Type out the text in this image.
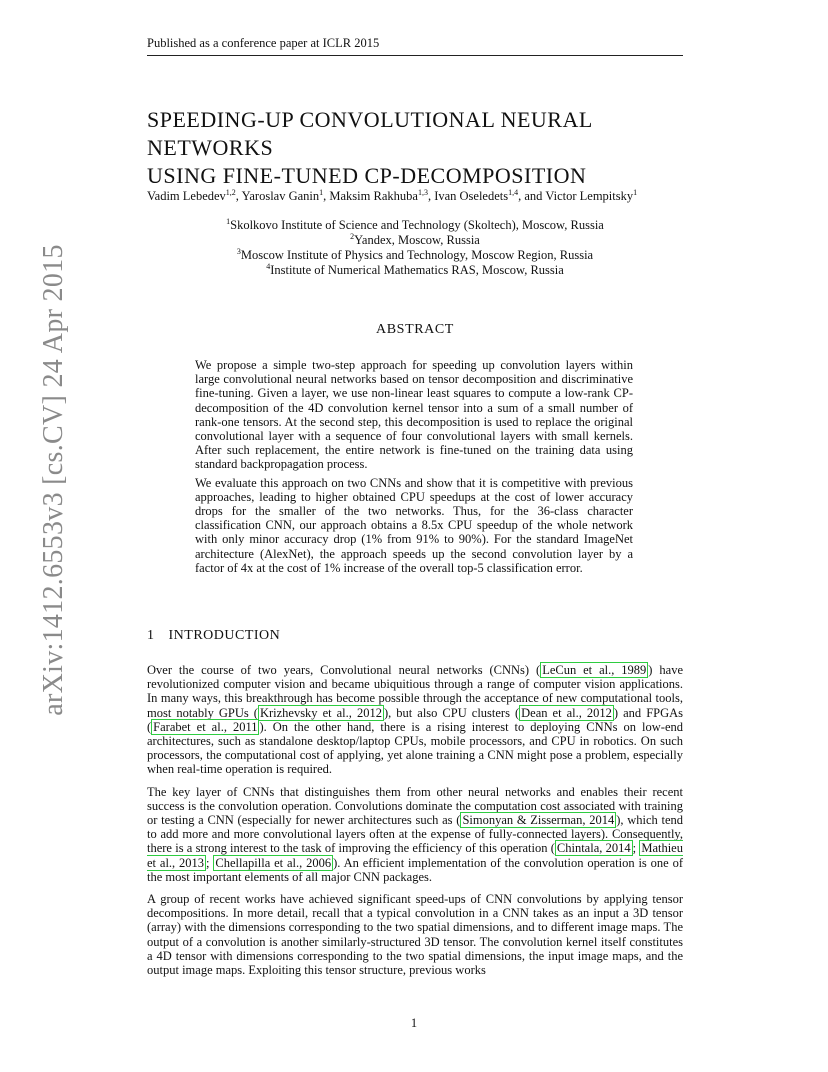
Published as a conference paper at ICLR 2015
arXiv:1412.6553v3 [cs.CV] 24 Apr 2015
SPEEDING-UP CONVOLUTIONAL NEURAL NETWORKS
USING FINE-TUNED CP-DECOMPOSITION
Vadim Lebedev$^{1,2}$, Yaroslav Ganin$^1$, Maksim Rakhuba$^{1,3}$, Ivan Oseledets$^{1,4}$, and Victor Lempitsky$^1$
$^1$Skolkovo Institute of Science and Technology (Skoltech), Moscow, Russia
$^2$Yandex, Moscow, Russia
$^3$Moscow Institute of Physics and Technology, Moscow Region, Russia
$^4$Institute of Numerical Mathematics RAS, Moscow, Russia
ABSTRACT

We propose a simple two-step approach for speeding up convolution layers within large convolutional neural networks based on tensor decomposition and discriminative fine-tuning. Given a layer, we use non-linear least squares to compute a low-rank CP-decomposition of the 4D convolution kernel tensor into a sum of a small number of rank-one tensors. At the second step, this decomposition is used to replace the original convolutional layer with a sequence of four convolutional layers with small kernels. After such replacement, the entire network is fine-tuned on the training data using standard backpropagation process.

We evaluate this approach on two CNNs and show that it is competitive with previous approaches, leading to higher obtained CPU speedups at the cost of lower accuracy drops for the smaller of the two networks. Thus, for the 36-class character classification CNN, our approach obtains a 8.5x CPU speedup of the whole network with only minor accuracy drop (1% from 91% to 90%). For the standard ImageNet architecture (AlexNet), the approach speeds up the second convolution layer by a factor of 4x at the cost of 1% increase of the overall top-5 classification error.

1 INTRODUCTION

Over the course of two years, Convolutional neural networks (CNNs) ( LeCun et al., 1989 ) have revolutionized computer vision and became ubiquitious through a range of computer vision applications. In many ways, this breakthrough has become possible through the acceptance of new computational tools, most notably GPUs ( Krizhevsky et al., 2012 ), but also CPU clusters ( Dean et al., 2012 ) and FPGAs ( Farabet et al., 2011 ). On the other hand, there is a rising interest to deploying CNNs on low-end architectures, such as standalone desktop/laptop CPUs, mobile processors, and CPU in robotics. On such processors, the computational cost of applying, yet alone training a CNN might pose a problem, especially when real-time operation is required.

The key layer of CNNs that distinguishes them from other neural networks and enables their recent success is the convolution operation. Convolutions dominate the computation cost associated with training or testing a CNN (especially for newer architectures such as ( Simonyan & Zisserman, 2014 ), which tend to add more and more convolutional layers often at the expense of fully-connected layers). Consequently, there is a strong interest to the task of improving the efficiency of this operation ( Chintala, 2014 ; Mathieu et al., 2013 ; Chellapilla et al., 2006 ). An efficient implementation of the convolution operation is one of the most important elements of all major CNN packages.

A group of recent works have achieved significant speed-ups of CNN convolutions by applying tensor decompositions. In more detail, recall that a typical convolution in a CNN takes as an input a 3D tensor (array) with the dimensions corresponding to the two spatial dimensions, and to different image maps. The output of a convolution is another similarly-structured 3D tensor. The convolution kernel itself constitutes a 4D tensor with dimensions corresponding to the two spatial dimensions, the input image maps, and the output image maps. Exploiting this tensor structure, previous works

1
